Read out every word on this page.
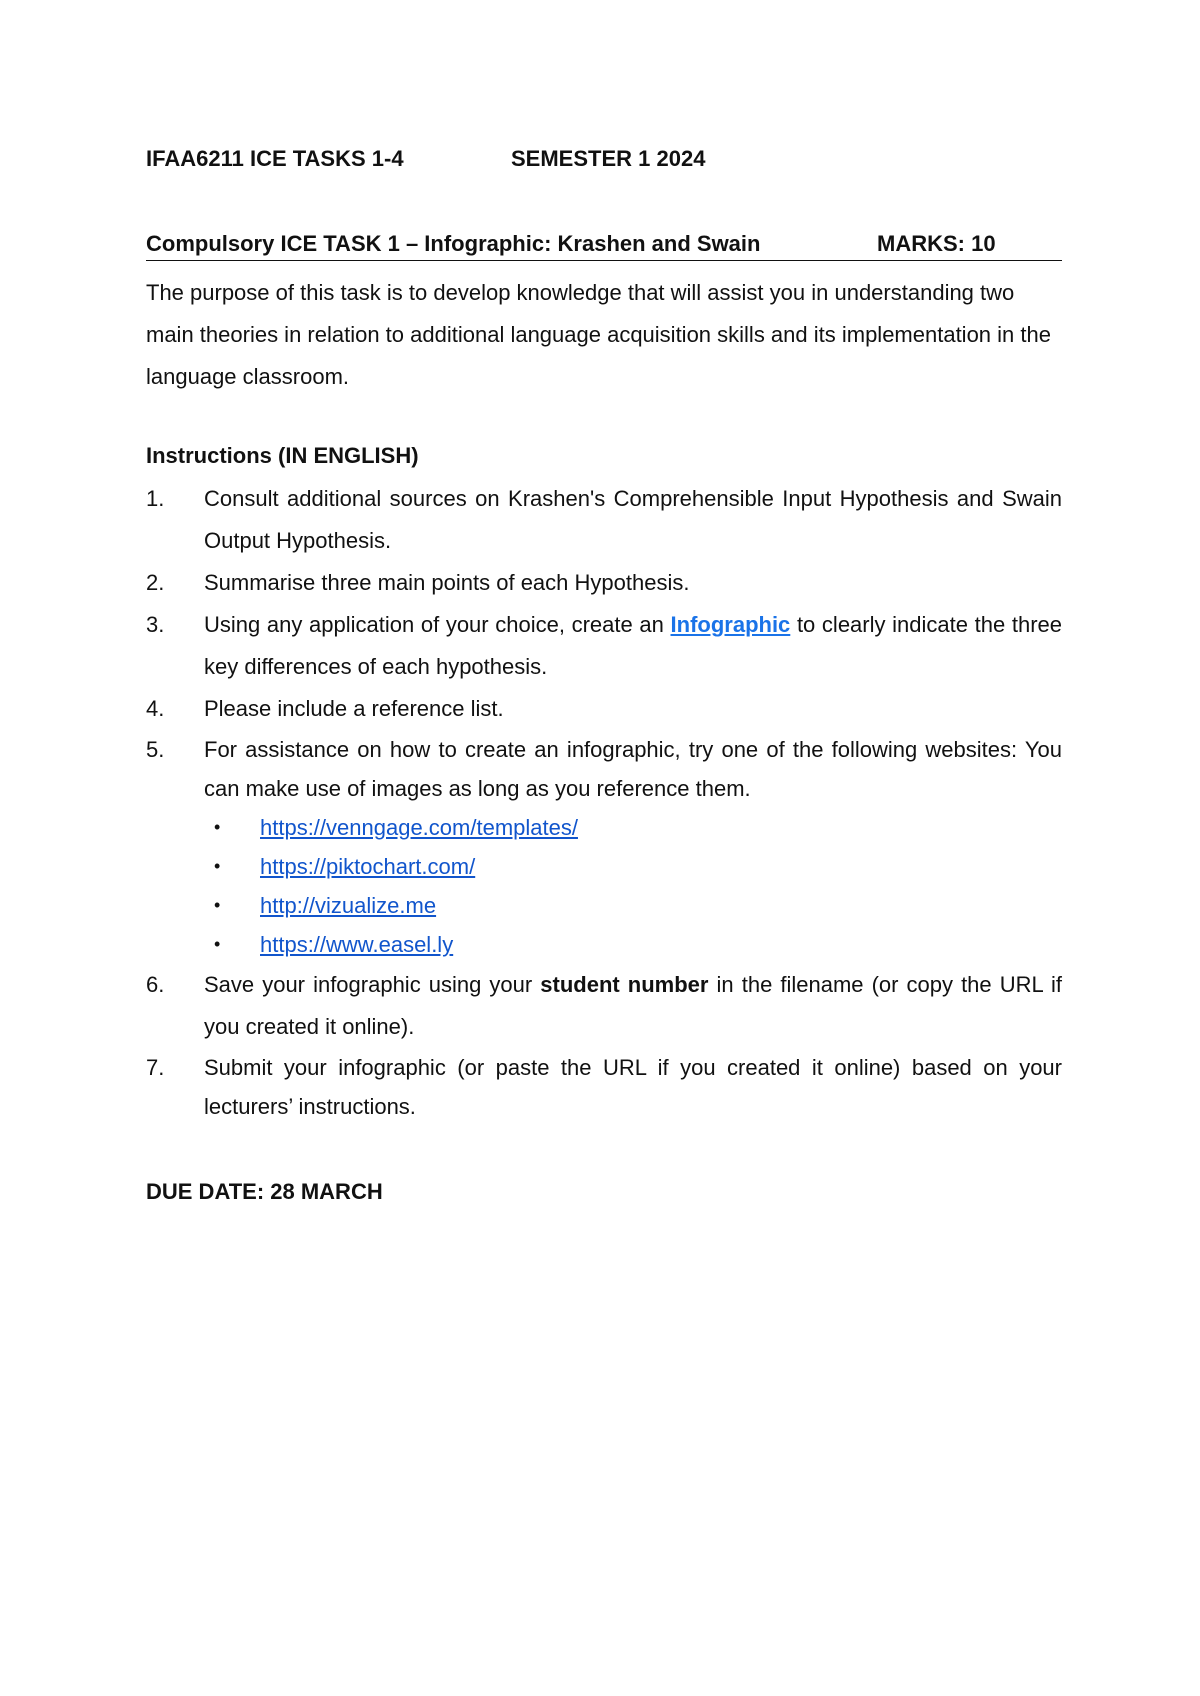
IFAA6211 ICE TASKS 1-4	SEMESTER 1 2024
Compulsory ICE TASK 1 – Infographic: Krashen and Swain	MARKS: 10
The purpose of this task is to develop knowledge that will assist you in understanding two main theories in relation to additional language acquisition skills and its implementation in the language classroom.
Instructions (IN ENGLISH)
1. Consult additional sources on Krashen's Comprehensible Input Hypothesis and Swain Output Hypothesis.
2. Summarise three main points of each Hypothesis.
3. Using any application of your choice, create an Infographic to clearly indicate the three key differences of each hypothesis.
4. Please include a reference list.
5. For assistance on how to create an infographic, try one of the following websites: You can make use of images as long as you reference them.
• https://venngage.com/templates/
• https://piktochart.com/
• http://vizualize.me
• https://www.easel.ly
6. Save your infographic using your student number in the filename (or copy the URL if you created it online).
7. Submit your infographic (or paste the URL if you created it online) based on your lecturers’ instructions.
DUE DATE: 28 MARCH
